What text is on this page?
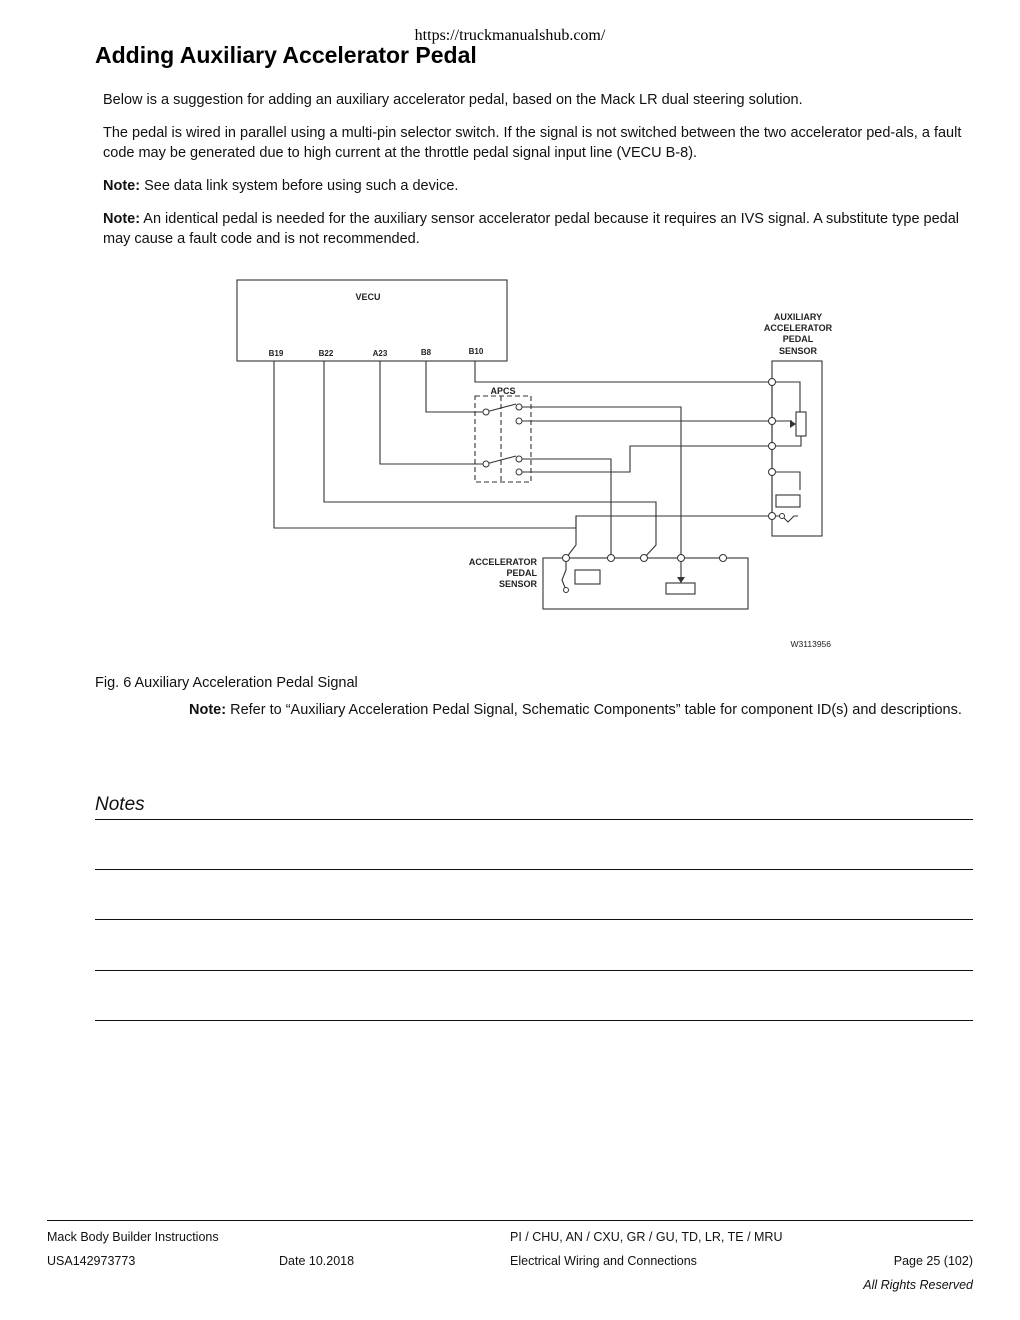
https://truckmanualshub.com/
Adding Auxiliary Accelerator Pedal
Below is a suggestion for adding an auxiliary accelerator pedal, based on the Mack LR dual steering solution.
The pedal is wired in parallel using a multi-pin selector switch. If the signal is not switched between the two accelerator ped-als, a fault code may be generated due to high current at the throttle pedal signal input line (VECU B-8).
Note: See data link system before using such a device.
Note: An identical pedal is needed for the auxiliary sensor accelerator pedal because it requires an IVS signal. A substitute type pedal may cause a fault code and is not recommended.
VECU
B19	B22	A23	B8	B10
APCS
AUXILIARY
ACCELERATOR
PEDAL
SENSOR
ACCELERATOR
PEDAL
SENSOR
W3113956
Fig. 6 Auxiliary Acceleration Pedal Signal
Note: Refer to “Auxiliary Acceleration Pedal Signal, Schematic Components” table for component ID(s) and descriptions.
Notes
Mack Body Builder Instructions	PI / CHU, AN / CXU, GR / GU, TD, LR, TE / MRU
USA142973773	Date 10.2018	Electrical Wiring and Connections	Page 25 (102)
All Rights Reserved
